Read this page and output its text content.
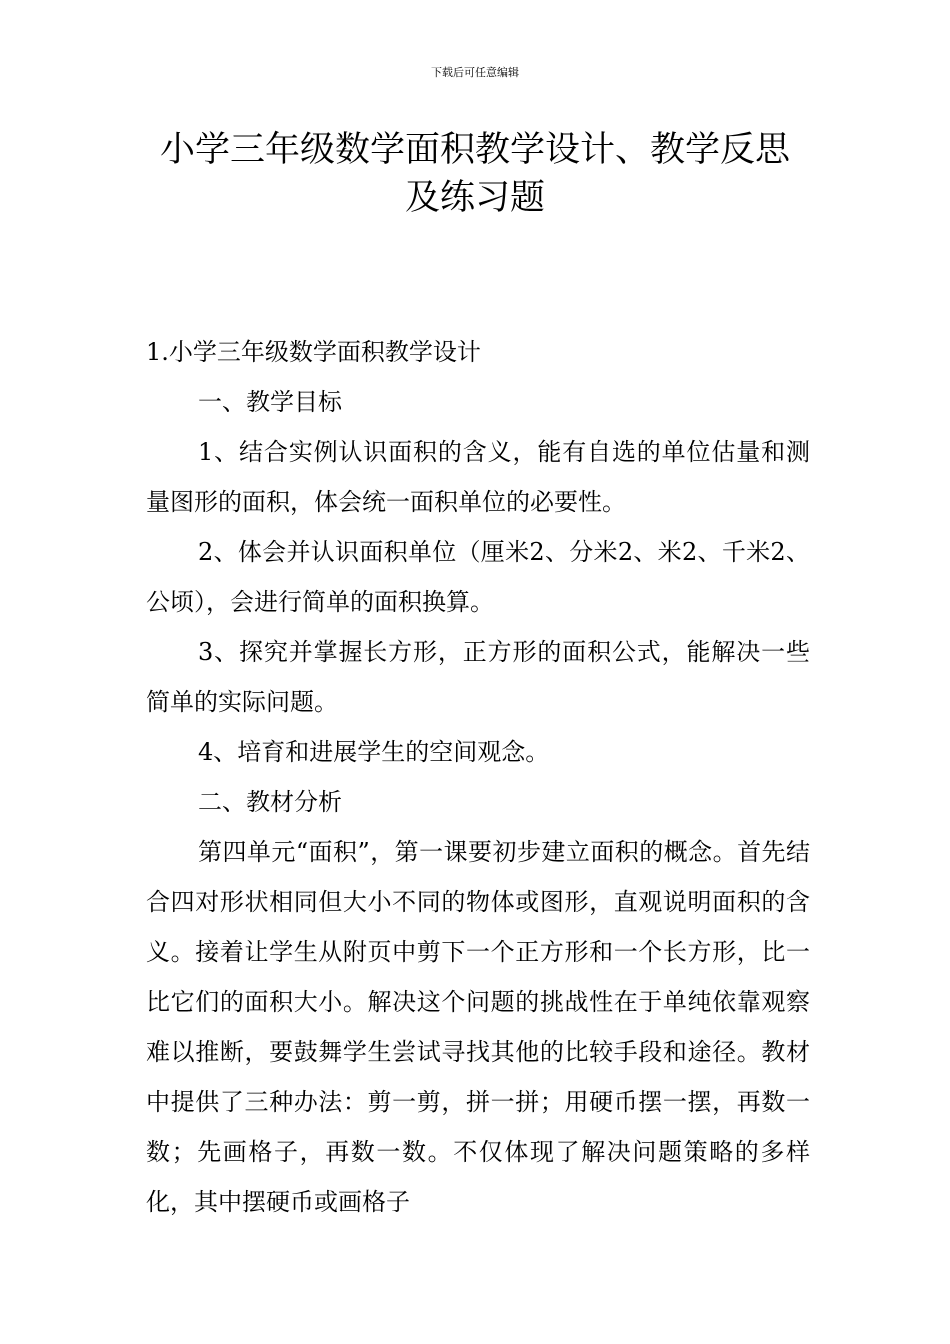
下载后可任意编辑
小学三年级数学面积教学设计、教学反思
及练习题

1.小学三年级数学面积教学设计

一、教学目标

1、结合实例认识面积的含义，能有自选的单位估量和测量图形的面积，体会统一面积单位的必要性。

2、体会并认识面积单位（厘米2、分米2、米2、千米2、公顷），会进行简单的面积换算。

3、探究并掌握长方形，正方形的面积公式，能解决一些简单的实际问题。

4、培育和进展学生的空间观念。

二、教材分析

第四单元“面积”，第一课要初步建立面积的概念。首先结合四对形状相同但大小不同的物体或图形，直观说明面积的含义。接着让学生从附页中剪下一个正方形和一个长方形，比一比它们的面积大小。解决这个问题的挑战性在于单纯依靠观察难以推断，要鼓舞学生尝试寻找其他的比较手段和途径。教材中提供了三种办法：剪一剪，拼一拼；用硬币摆一摆，再数一数；先画格子，再数一数。不仅体现了解决问题策略的多样化，其中摆硬币或画格子
